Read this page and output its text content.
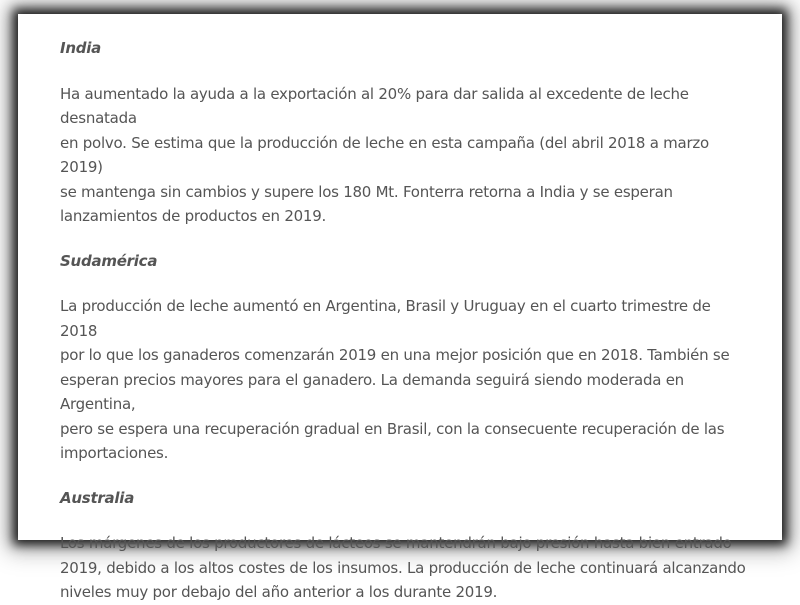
India
Ha aumentado la ayuda a la exportación al 20% para dar salida al excedente de leche desnatada
en polvo. Se estima que la producción de leche en esta campaña (del abril 2018 a marzo 2019)
se mantenga sin cambios y supere los 180 Mt. Fonterra retorna a India y se esperan
lanzamientos de productos en 2019.
Sudamérica
La producción de leche aumentó en Argentina, Brasil y Uruguay en el cuarto trimestre de 2018
por lo que los ganaderos comenzarán 2019 en una mejor posición que en 2018. También se
esperan precios mayores para el ganadero. La demanda seguirá siendo moderada en Argentina,
pero se espera una recuperación gradual en Brasil, con la consecuente recuperación de las
importaciones.
Australia
Los márgenes de los productores de lácteos se mantendrán bajo presión hasta bien entrado
2019, debido a los altos costes de los insumos. La producción de leche continuará alcanzando
niveles muy por debajo del año anterior a los durante 2019.
